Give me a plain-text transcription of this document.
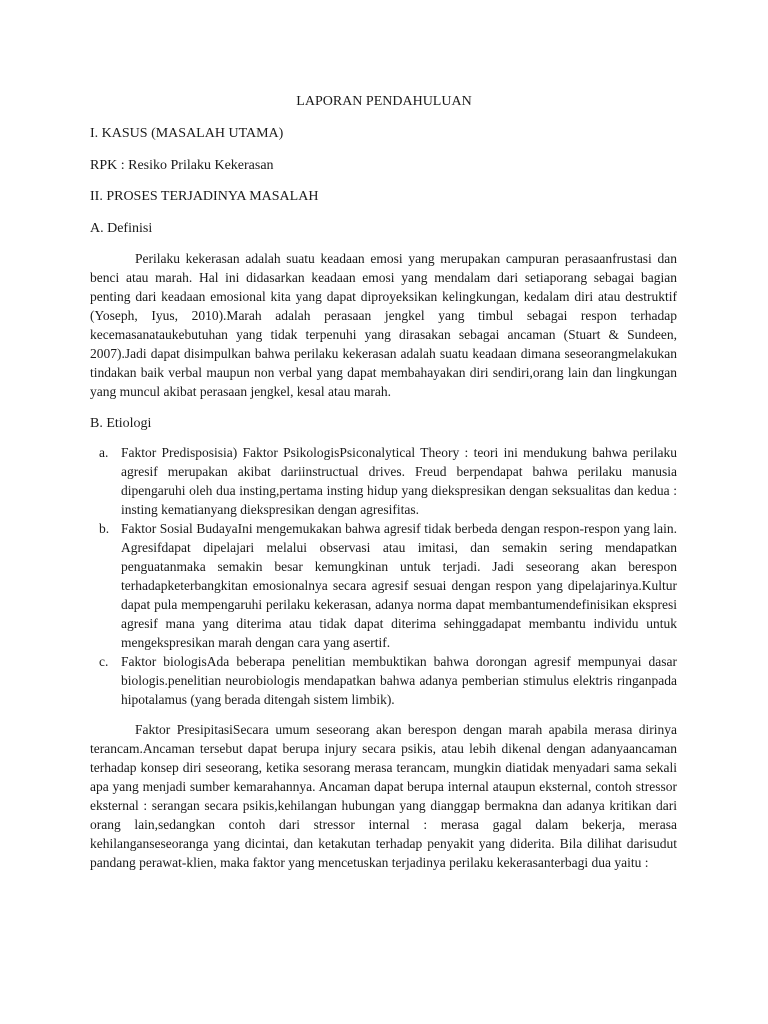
LAPORAN PENDAHULUAN
I. KASUS (MASALAH UTAMA)
RPK : Resiko Prilaku Kekerasan
II. PROSES TERJADINYA MASALAH
A. Definisi

Perilaku kekerasan adalah suatu keadaan emosi yang merupakan campuran perasaanfrustasi dan benci atau marah. Hal ini didasarkan keadaan emosi yang mendalam dari setiaporang sebagai bagian penting dari keadaan emosional kita yang dapat diproyeksikan kelingkungan, kedalam diri atau destruktif (Yoseph, Iyus, 2010).Marah adalah perasaan jengkel yang timbul sebagai respon terhadap kecemasanataukebutuhan yang tidak terpenuhi yang dirasakan sebagai ancaman (Stuart & Sundeen, 2007).Jadi dapat disimpulkan bahwa perilaku kekerasan adalah suatu keadaan dimana seseorangmelakukan tindakan baik verbal maupun non verbal yang dapat membahayakan diri sendiri,orang lain dan lingkungan yang muncul akibat perasaan jengkel, kesal atau marah.

B. Etiologi
a. Faktor Predisposisia) Faktor PsikologisPsiconalytical Theory : teori ini mendukung bahwa perilaku agresif merupakan akibat dariinstructual drives. Freud berpendapat bahwa perilaku manusia dipengaruhi oleh dua insting,pertama insting hidup yang diekspresikan dengan seksualitas dan kedua : insting kematianyang diekspresikan dengan agresifitas.
b. Faktor Sosial BudayaIni mengemukakan bahwa agresif tidak berbeda dengan respon-respon yang lain. Agresifdapat dipelajari melalui observasi atau imitasi, dan semakin sering mendapatkan penguatanmaka semakin besar kemungkinan untuk terjadi. Jadi seseorang akan berespon terhadapketerbangkitan emosionalnya secara agresif sesuai dengan respon yang dipelajarinya.Kultur dapat pula mempengaruhi perilaku kekerasan, adanya norma dapat membantumendefinisikan ekspresi agresif mana yang diterima atau tidak dapat diterima sehinggadapat membantu individu untuk mengekspresikan marah dengan cara yang asertif.
c. Faktor biologisAda beberapa penelitian membuktikan bahwa dorongan agresif mempunyai dasar biologis.penelitian neurobiologis mendapatkan bahwa adanya pemberian stimulus elektris ringanpada hipotalamus (yang berada ditengah sistem limbik).

Faktor PresipitasiSecara umum seseorang akan berespon dengan marah apabila merasa dirinya terancam.Ancaman tersebut dapat berupa injury secara psikis, atau lebih dikenal dengan adanyaancaman terhadap konsep diri seseorang, ketika sesorang merasa terancam, mungkin diatidak menyadari sama sekali apa yang menjadi sumber kemarahannya. Ancaman dapat berupa internal ataupun eksternal, contoh stressor eksternal : serangan secara psikis,kehilangan hubungan yang dianggap bermakna dan adanya kritikan dari orang lain,sedangkan contoh dari stressor internal : merasa gagal dalam bekerja, merasa kehilanganseseoranga yang dicintai, dan ketakutan terhadap penyakit yang diderita. Bila dilihat darisudut pandang perawat-klien, maka faktor yang mencetuskan terjadinya perilaku kekerasanterbagi dua yaitu :
